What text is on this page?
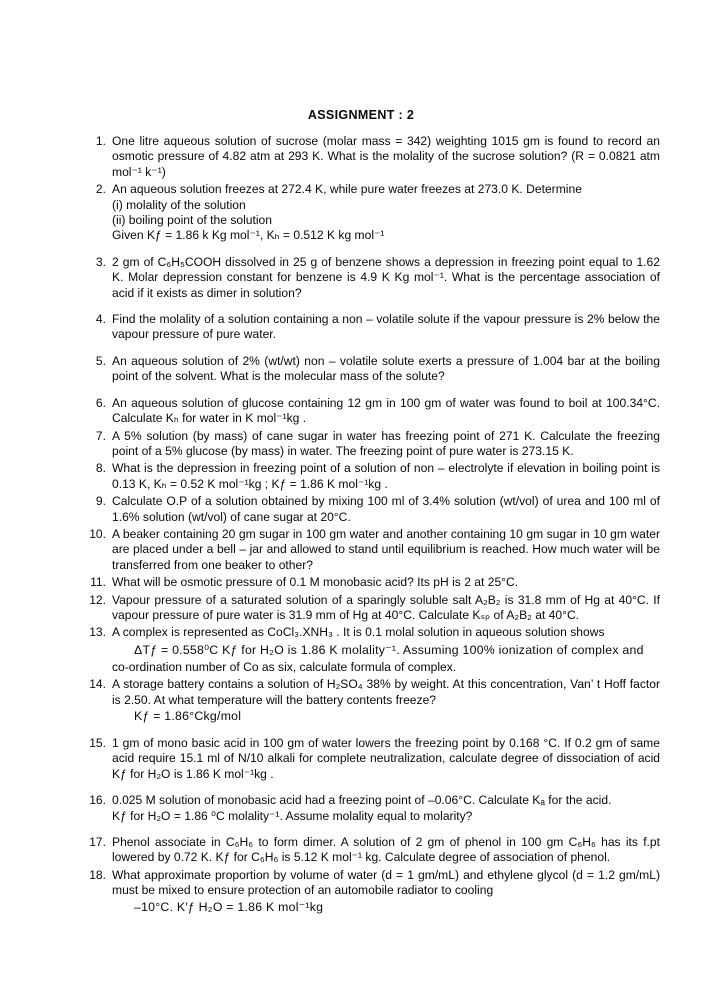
ASSIGNMENT : 2
1. One litre aqueous solution of sucrose (molar mass = 342) weighting 1015 gm is found to record an osmotic pressure of 4.82 atm at 293 K. What is the molality of the sucrose solution? (R = 0.0821 atm mol⁻¹ k⁻¹)
2. An aqueous solution freezes at 272.4 K, while pure water freezes at 273.0 K. Determine
(i) molality of the solution
(ii) boiling point of the solution
Given Kƒ = 1.86 k Kg mol⁻¹, Kₕ = 0.512 K kg mol⁻¹
3. 2 gm of C₆H₅COOH dissolved in 25 g of benzene shows a depression in freezing point equal to 1.62 K. Molar depression constant for benzene is 4.9 K Kg mol⁻¹. What is the percentage association of acid if it exists as dimer in solution?
4. Find the molality of a solution containing a non – volatile solute if the vapour pressure is 2% below the vapour pressure of pure water.
5. An aqueous solution of 2% (wt/wt) non – volatile solute exerts a pressure of 1.004 bar at the boiling point of the solvent. What is the molecular mass of the solute?
6. An aqueous solution of glucose containing 12 gm in 100 gm of water was found to boil at 100.34°C. Calculate Kₕ for water in K mol⁻¹kg .
7. A 5% solution (by mass) of cane sugar in water has freezing point of 271 K. Calculate the freezing point of a 5% glucose (by mass) in water. The freezing point of pure water is 273.15 K.
8. What is the depression in freezing point of a solution of non – electrolyte if elevation in boiling point is 0.13 K, Kₕ = 0.52 K mol⁻¹kg ; Kƒ = 1.86 K mol⁻¹kg .
9. Calculate O.P of a solution obtained by mixing 100 ml of 3.4% solution (wt/vol) of urea and 100 ml of 1.6% solution (wt/vol) of cane sugar at 20°C.
10. A beaker containing 20 gm sugar in 100 gm water and another containing 10 gm sugar in 10 gm water are placed under a bell – jar and allowed to stand until equilibrium is reached. How much water will be transferred from one beaker to other?
11. What will be osmotic pressure of 0.1 M monobasic acid? Its pH is 2 at 25°C.
12. Vapour pressure of a saturated solution of a sparingly soluble salt A₂B₂ is 31.8 mm of Hg at 40°C. If vapour pressure of pure water is 31.9 mm of Hg at 40°C. Calculate Kₛₚ of A₂B₂ at 40°C.
13. A complex is represented as CoCl₃.XNH₃ . It is 0.1 molal solution in aqueous solution shows
ΔTƒ = 0.558⁰C Kƒ for H₂O is 1.86 K molality⁻¹. Assuming 100% ionization of complex and
co-ordination number of Co as six, calculate formula of complex.
14. A storage battery contains a solution of H₂SO₄ 38% by weight. At this concentration, Van’ t Hoff factor is 2.50. At what temperature will the battery contents freeze?
Kƒ = 1.86°Ckg/mol
15. 1 gm of mono basic acid in 100 gm of water lowers the freezing point by 0.168 °C. If 0.2 gm of same acid require 15.1 ml of N/10 alkali for complete neutralization, calculate degree of dissociation of acid Kƒ for H₂O is 1.86 K mol⁻¹kg .
16. 0.025 M solution of monobasic acid had a freezing point of –0.06°C. Calculate Kₐ for the acid.
Kƒ for H₂O = 1.86 ⁰C molality⁻¹. Assume molality equal to molarity?
17. Phenol associate in C₆H₆ to form dimer. A solution of 2 gm of phenol in 100 gm C₆H₆ has its f.pt lowered by 0.72 K. Kƒ for C₆H₆ is 5.12 K mol⁻¹ kg. Calculate degree of association of phenol.
18. What approximate proportion by volume of water (d = 1 gm/mL) and ethylene glycol (d = 1.2 gm/mL) must be mixed to ensure protection of an automobile radiator to cooling
–10°C. K′ƒ H₂O = 1.86 K mol⁻¹kg
